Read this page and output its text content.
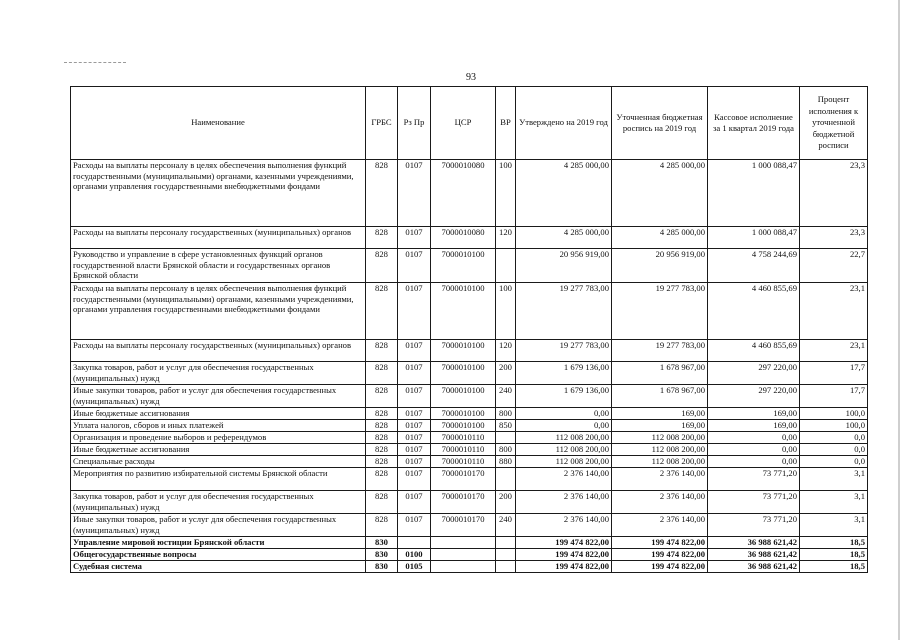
93
Наименование	ГРБС	Рз Пр	ЦСР	ВР	Утверждено на 2019 год	Уточненная бюджетная роспись на 2019 год	Кассовое исполнение за 1 квартал 2019 года	Процент исполнения к уточненной бюджетной росписи
Расходы на выплаты персоналу в целях обеспечения выполнения функций государственными (муниципальными) органами, казенными учреждениями, органами управления государственными внебюджетными фондами	828	0107	7000010080	100	4 285 000,00	4 285 000,00	1 000 088,47	23,3
Расходы на выплаты персоналу государственных (муниципальных) органов	828	0107	7000010080	120	4 285 000,00	4 285 000,00	1 000 088,47	23,3
Руководство и управление в сфере установленных функций органов государственной власти Брянской области и государственных органов Брянской области	828	0107	7000010100		20 956 919,00	20 956 919,00	4 758 244,69	22,7
Расходы на выплаты персоналу в целях обеспечения выполнения функций государственными (муниципальными) органами, казенными учреждениями, органами управления государственными внебюджетными фондами	828	0107	7000010100	100	19 277 783,00	19 277 783,00	4 460 855,69	23,1
Расходы на выплаты персоналу государственных (муниципальных) органов	828	0107	7000010100	120	19 277 783,00	19 277 783,00	4 460 855,69	23,1
Закупка товаров, работ и услуг для обеспечения государственных (муниципальных) нужд	828	0107	7000010100	200	1 679 136,00	1 678 967,00	297 220,00	17,7
Иные закупки товаров, работ и услуг для обеспечения государственных (муниципальных) нужд	828	0107	7000010100	240	1 679 136,00	1 678 967,00	297 220,00	17,7
Иные бюджетные ассигнования	828	0107	7000010100	800	0,00	169,00	169,00	100,0
Уплата налогов, сборов и иных платежей	828	0107	7000010100	850	0,00	169,00	169,00	100,0
Организация и проведение выборов и референдумов	828	0107	7000010110		112 008 200,00	112 008 200,00	0,00	0,0
Иные бюджетные ассигнования	828	0107	7000010110	800	112 008 200,00	112 008 200,00	0,00	0,0
Специальные расходы	828	0107	7000010110	880	112 008 200,00	112 008 200,00	0,00	0,0
Мероприятия по развитию избирательной системы Брянской области	828	0107	7000010170		2 376 140,00	2 376 140,00	73 771,20	3,1
Закупка товаров, работ и услуг для обеспечения государственных (муниципальных) нужд	828	0107	7000010170	200	2 376 140,00	2 376 140,00	73 771,20	3,1
Иные закупки товаров, работ и услуг для обеспечения государственных (муниципальных) нужд	828	0107	7000010170	240	2 376 140,00	2 376 140,00	73 771,20	3,1
Управление мировой юстиции Брянской области	830				199 474 822,00	199 474 822,00	36 988 621,42	18,5
Общегосударственные вопросы	830	0100			199 474 822,00	199 474 822,00	36 988 621,42	18,5
Судебная система	830	0105			199 474 822,00	199 474 822,00	36 988 621,42	18,5
